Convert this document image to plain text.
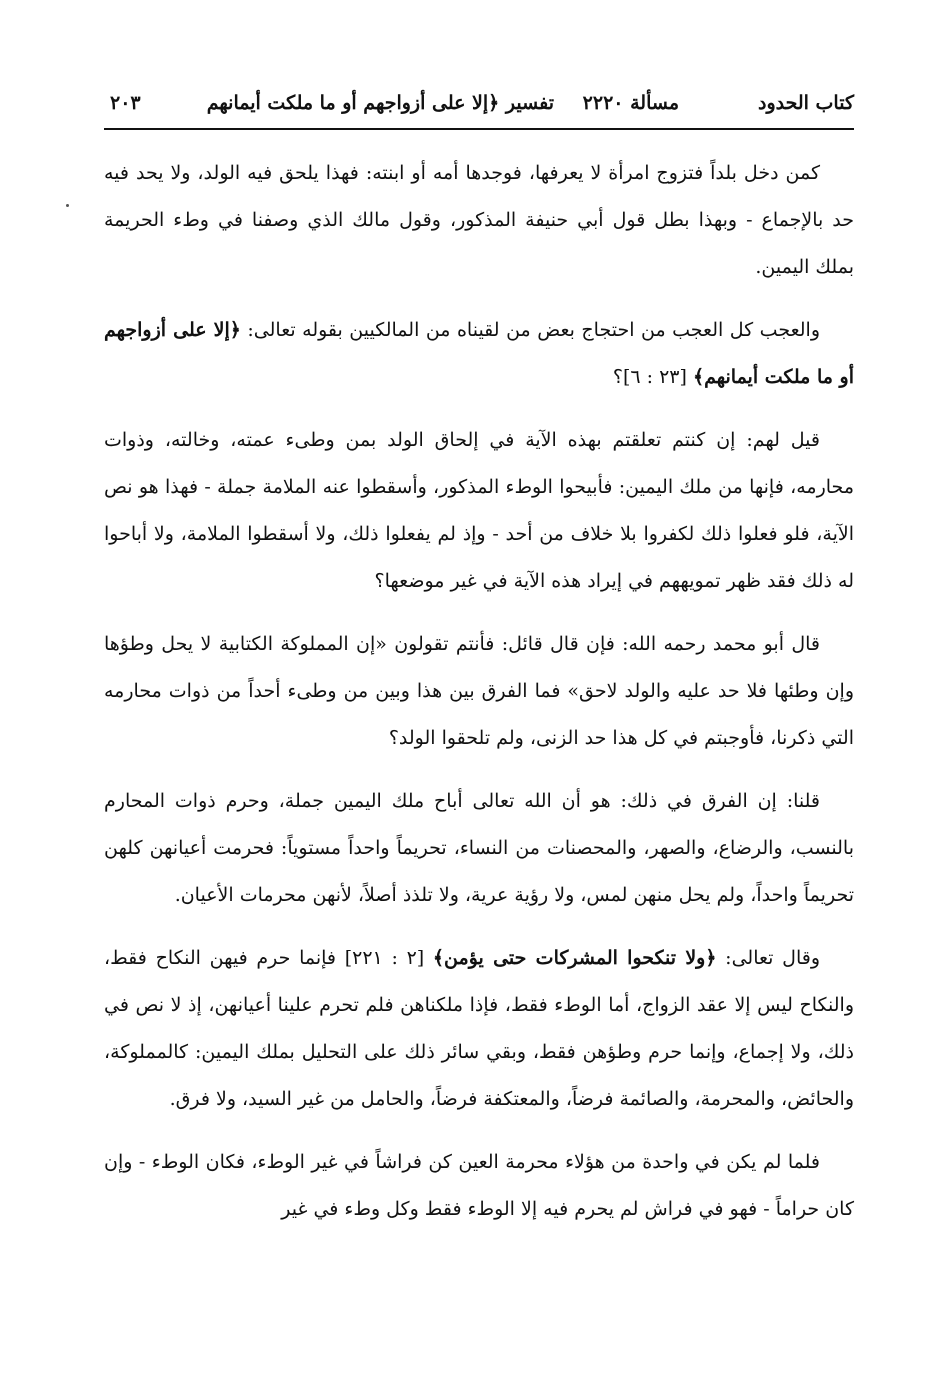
كتاب الحدود
مسألة ٢٢٢٠
تفسير ﴿إلا على أزواجهم أو ما ملكت أيمانهم
٢٠٣

كمن دخل بلداً فتزوج امرأة لا يعرفها، فوجدها أمه أو ابنته: فهذا يلحق فيه الولد، ولا يحد فيه حد بالإجماع - وبهذا بطل قول أبي حنيفة المذكور، وقول مالك الذي وصفنا في وطء الحريمة بملك اليمين.

والعجب كل العجب من احتجاج بعض من لقيناه من المالكيين بقوله تعالى: ﴿إلا على أزواجهم أو ما ملكت أيمانهم﴾ [٢٣ : ٦]؟

قيل لهم: إن كنتم تعلقتم بهذه الآية في إلحاق الولد بمن وطىء عمته، وخالته، وذوات محارمه، فإنها من ملك اليمين: فأبيحوا الوطء المذكور، وأسقطوا عنه الملامة جملة - فهذا هو نص الآية، فلو فعلوا ذلك لكفروا بلا خلاف من أحد - وإذ لم يفعلوا ذلك، ولا أسقطوا الملامة، ولا أباحوا له ذلك فقد ظهر تمويههم في إيراد هذه الآية في غير موضعها؟

قال أبو محمد رحمه الله: فإن قال قائل: فأنتم تقولون «إن المملوكة الكتابية لا يحل وطؤها وإن وطئها فلا حد عليه والولد لاحق» فما الفرق بين هذا وبين من وطىء أحداً من ذوات محارمه التي ذكرنا، فأوجبتم في كل هذا حد الزنى، ولم تلحقوا الولد؟

قلنا: إن الفرق في ذلك: هو أن الله تعالى أباح ملك اليمين جملة، وحرم ذوات المحارم بالنسب، والرضاع، والصهر، والمحصنات من النساء، تحريماً واحداً مستوياً: فحرمت أعيانهن كلهن تحريماً واحداً، ولم يحل منهن لمس، ولا رؤية عرية، ولا تلذذ أصلاً، لأنهن محرمات الأعيان.

وقال تعالى: ﴿ولا تنكحوا المشركات حتى يؤمن﴾ [٢ : ٢٢١] فإنما حرم فيهن النكاح فقط، والنكاح ليس إلا عقد الزواج، أما الوطء فقط، فإذا ملكناهن فلم تحرم علينا أعيانهن، إذ لا نص في ذلك، ولا إجماع، وإنما حرم وطؤهن فقط، وبقي سائر ذلك على التحليل بملك اليمين: كالمملوكة، والحائض، والمحرمة، والصائمة فرضاً، والمعتكفة فرضاً، والحامل من غير السيد، ولا فرق.

فلما لم يكن في واحدة من هؤلاء محرمة العين كن فراشاً في غير الوطء، فكان الوطء - وإن كان حراماً - فهو في فراش لم يحرم فيه إلا الوطء فقط وكل وطء في غير
